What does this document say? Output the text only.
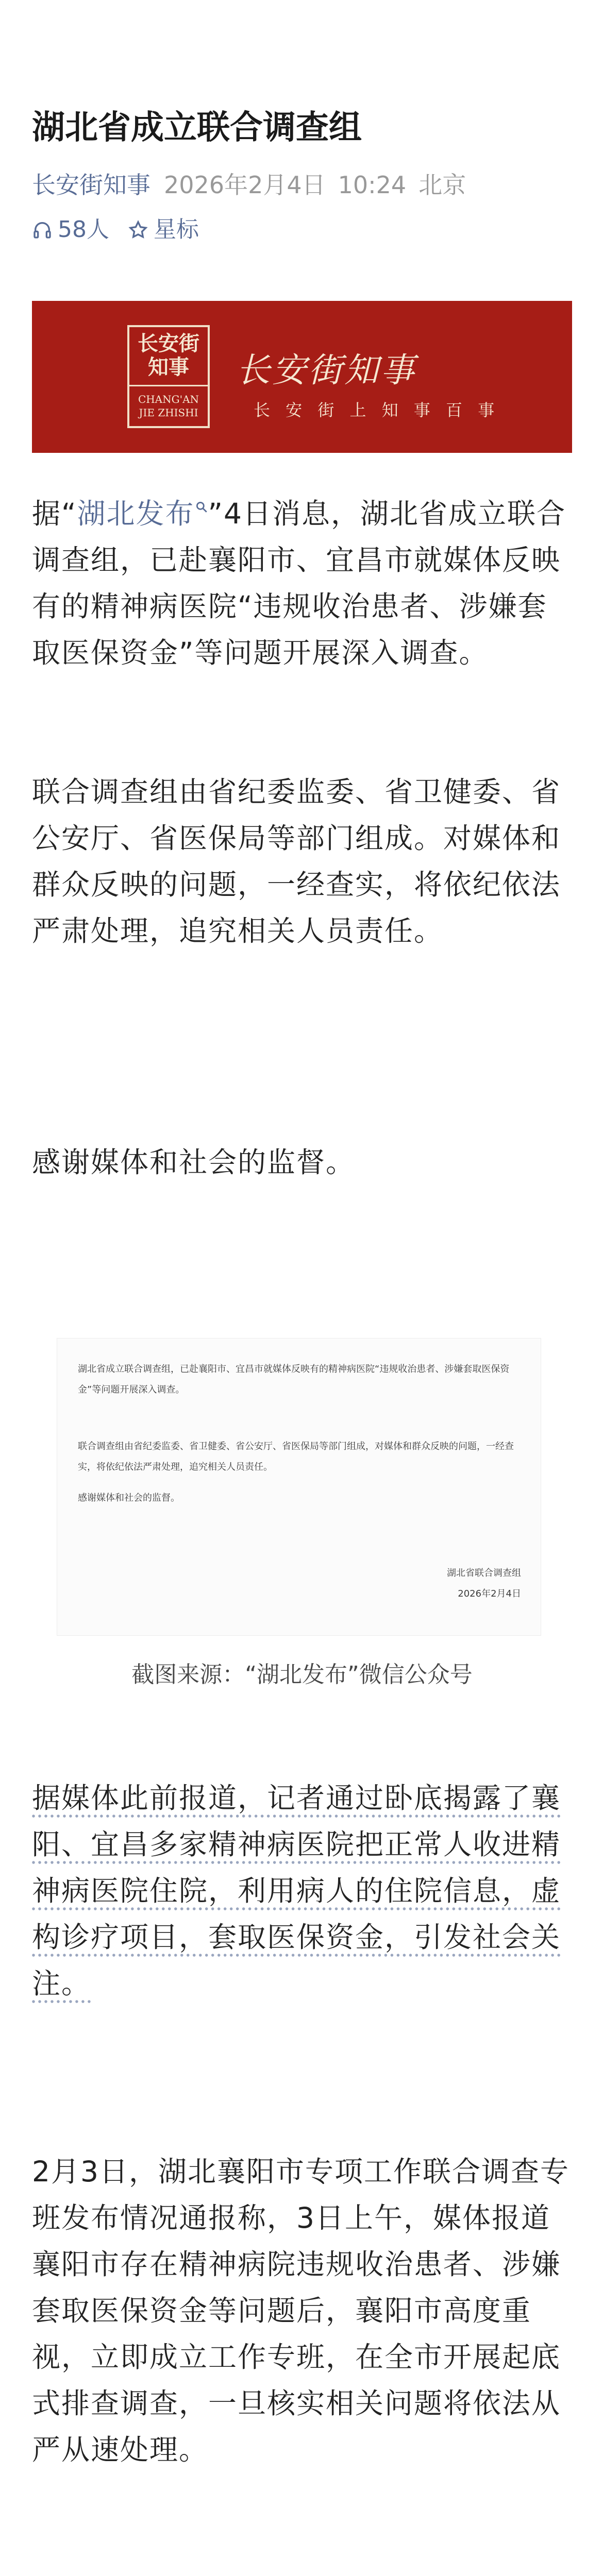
湖北省成立联合调查组
长安街知事 2026年2月4日 10:24 北京
58人 星标
长安街知事
CHANG'AN JIE ZHISHI
长安街知事
长 安 街 上 知 事 百 事

据“湖北发布 ”4日消息，湖北省成立联合调查组，已赴襄阳市、宜昌市就媒体反映有的精神病医院“违规收治患者、涉嫌套取医保资金”等问题开展深入调查。

联合调查组由省纪委监委、省卫健委、省公安厅、省医保局等部门组成。对媒体和群众反映的问题，一经查实，将依纪依法严肃处理，追究相关人员责任。

感谢媒体和社会的监督。

湖北省成立联合调查组，已赴襄阳市、宜昌市就媒体反映有的精神病医院“违规收治患者、涉嫌套取医保资金”等问题开展深入调查。

联合调查组由省纪委监委、省卫健委、省公安厅、省医保局等部门组成，对媒体和群众反映的问题，一经查实，将依纪依法严肃处理，追究相关人员责任。

感谢媒体和社会的监督。

湖北省联合调查组

2026年2月4日

截图来源：“湖北发布”微信公众号

据媒体此前报道，记者通过卧底揭露了襄阳、宜昌多家精神病医院把正常人收进精神病医院住院，利用病人的住院信息，虚构诊疗项目，套取医保资金，引发社会关注。

2月3日，湖北襄阳市专项工作联合调查专班发布情况通报称，3日上午，媒体报道襄阳市存在精神病院违规收治患者、涉嫌套取医保资金等问题后，襄阳市高度重视，立即成立工作专班，在全市开展起底式排查调查，一旦核实相关问题将依法从严从速处理。
